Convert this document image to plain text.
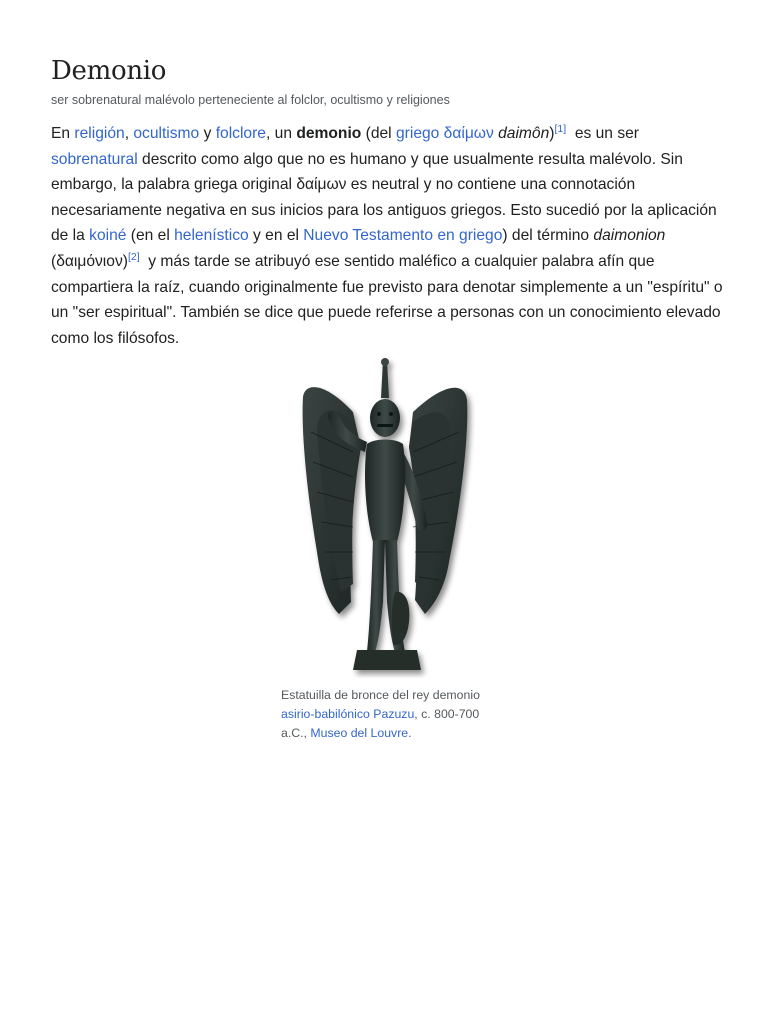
Demonio
ser sobrenatural malévolo perteneciente al folclor, ocultismo y religiones

En religión, ocultismo y folclore, un demonio (del griego δαίμων daimôn)[1]  es un ser sobrenatural descrito como algo que no es humano y que usualmente resulta malévolo. Sin embargo, la palabra griega original δαίμων es neutral y no contiene una connotación necesariamente negativa en sus inicios para los antiguos griegos. Esto sucedió por la aplicación de la koiné (en el helenístico y en el Nuevo Testamento en griego) del término daimonion (δαιμόνιον)[2]  y más tarde se atribuyó ese sentido maléfico a cualquier palabra afín que compartiera la raíz, cuando originalmente fue previsto para denotar simplemente a un "espíritu" o un "ser espiritual". También se dice que puede referirse a personas con un conocimiento elevado como los filósofos.

Estatuilla de bronce del rey demonio asirio-babilónico Pazuzu, c. 800-700 a.C., Museo del Louvre.
